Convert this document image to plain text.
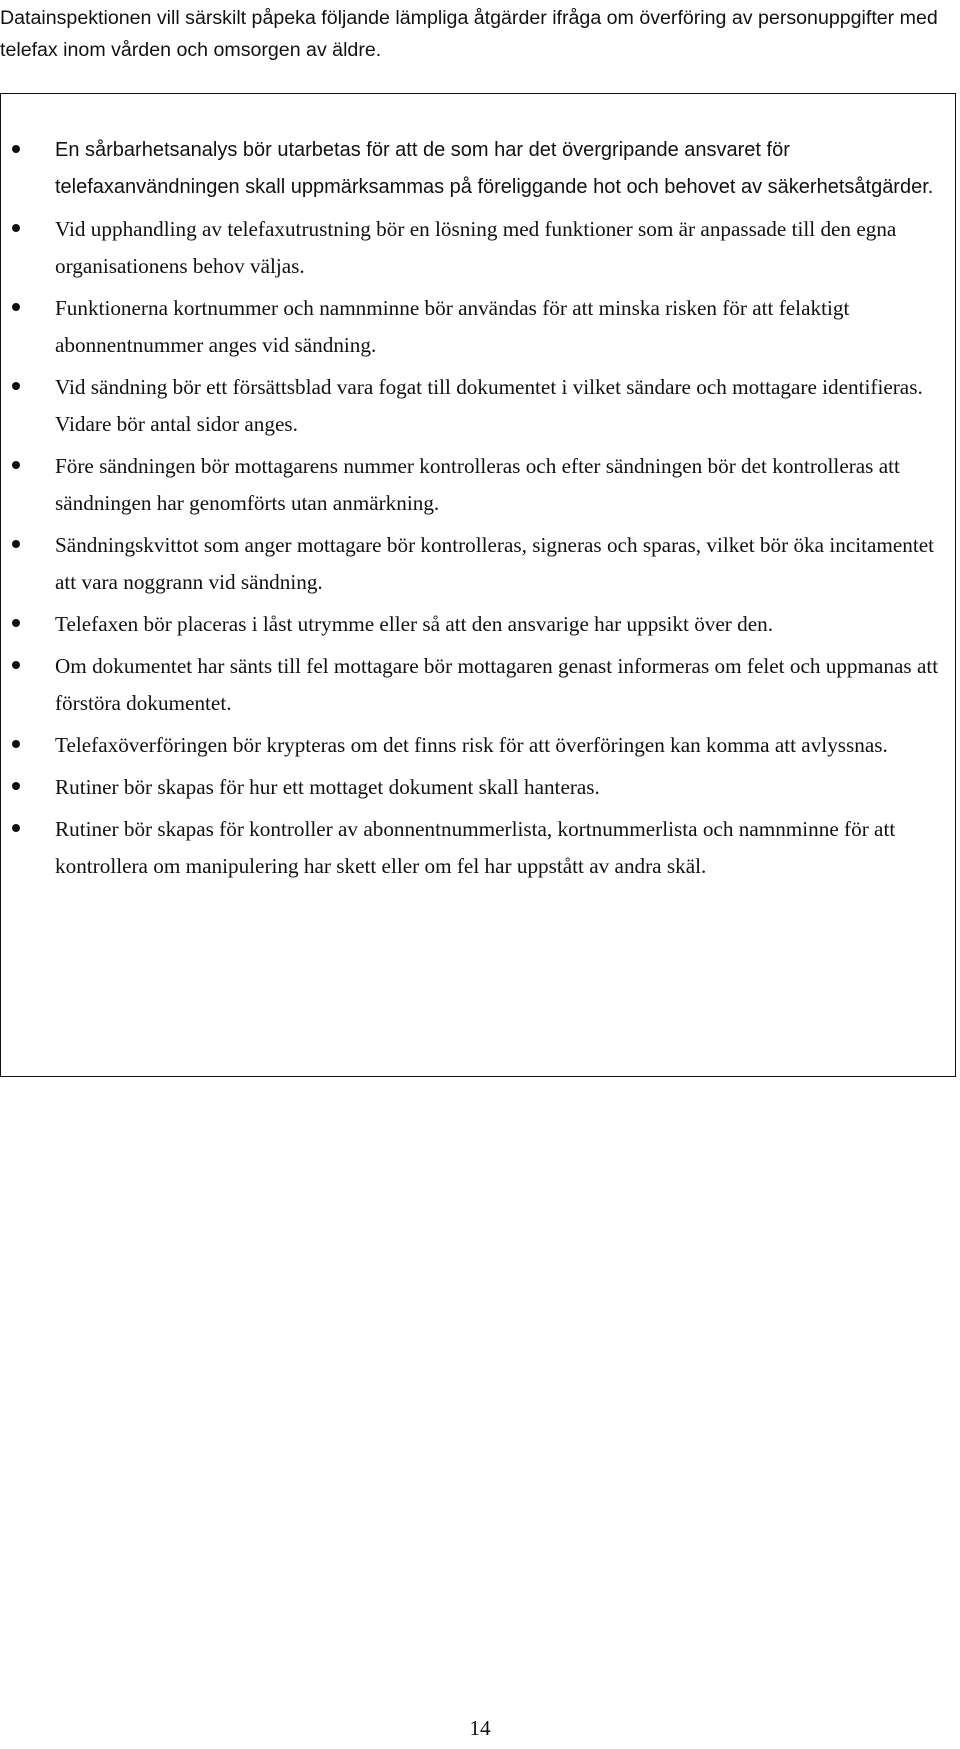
Datainspektionen vill särskilt påpeka följande lämpliga åtgärder ifråga om överföring av personuppgifter med telefax inom vården och omsorgen av äldre.

En sårbarhetsanalys bör utarbetas för att de som har det övergripande ansvaret för telefaxanvändningen skall uppmärksammas på föreliggande hot och behovet av säkerhetsåtgärder.
Vid upphandling av telefaxutrustning bör en lösning med funktioner som är anpassade till den egna organisationens behov väljas.
Funktionerna kortnummer och namnminne bör användas för att minska risken för att felaktigt abonnentnummer anges vid sändning.
Vid sändning bör ett försättsblad vara fogat till dokumentet i vilket sändare och mottagare identifieras. Vidare bör antal sidor anges.
Före sändningen bör mottagarens nummer kontrolleras och efter sändningen bör det kontrolleras att sändningen har genomförts utan anmärkning.
Sändningskvittot som anger mottagare bör kontrolleras, signeras och sparas, vilket bör öka incitamentet att vara noggrann vid sändning.
Telefaxen bör placeras i låst utrymme eller så att den ansvarige har uppsikt över den.
Om dokumentet har sänts till fel mottagare bör mottagaren genast informeras om felet och uppmanas att förstöra dokumentet.
Telefaxöverföringen bör krypteras om det finns risk för att överföringen kan komma att avlyssnas.
Rutiner bör skapas för hur ett mottaget dokument skall hanteras.
Rutiner bör skapas för kontroller av abonnentnummerlista, kortnummerlista och namnminne för att kontrollera om manipulering har skett eller om fel har uppstått av andra skäl.
14
